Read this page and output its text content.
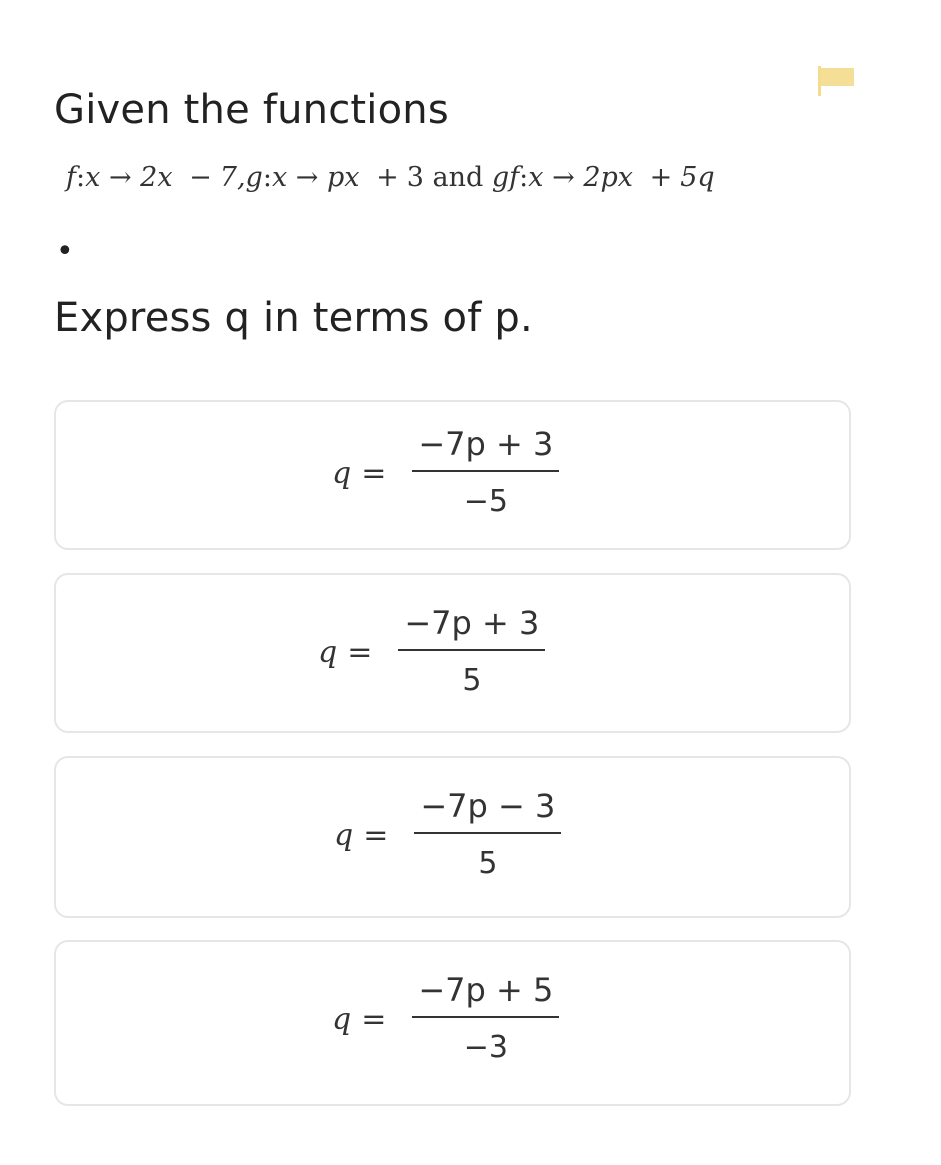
Given the functions
f:x → 2x − 7,g:x → px + 3 and gf:x → 2px + 5q
•
Express q in terms of p.
$q = \frac{-7p + 3}{-5}$
$q = \frac{-7p + 3}{5}$
$q = \frac{-7p - 3}{5}$
$q = \frac{-7p + 5}{-3}$
